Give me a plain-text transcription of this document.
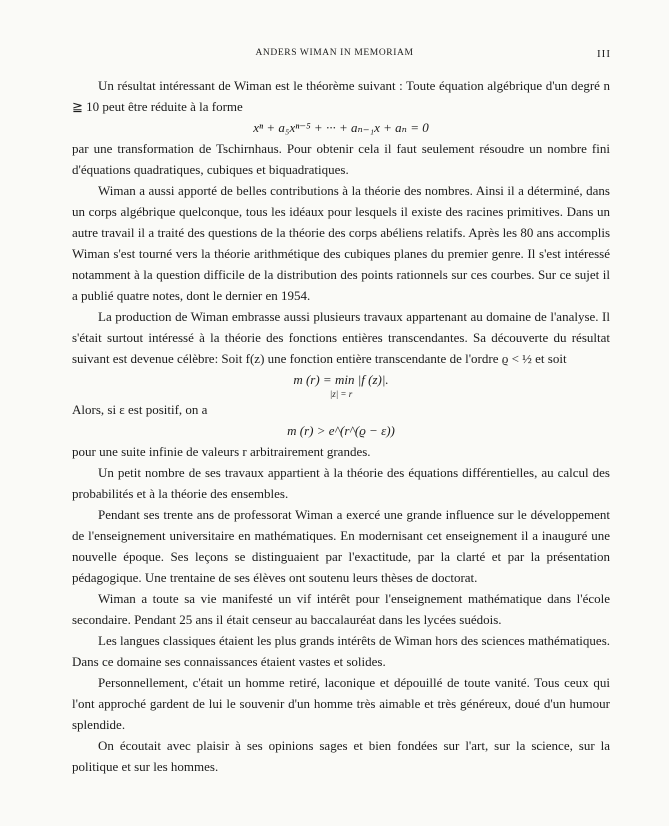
ANDERS WIMAN IN MEMORIAM	III

Un résultat intéressant de Wiman est le théorème suivant : Toute équation algébrique d'un degré n ≧ 10 peut être réduite à la forme

xⁿ + a₅xⁿ⁻⁵ + ··· + aₙ₋₁x + aₙ = 0

par une transformation de Tschirnhaus. Pour obtenir cela il faut seulement résoudre un nombre fini d'équations quadratiques, cubiques et biquadratiques.

Wiman a aussi apporté de belles contributions à la théorie des nombres. Ainsi il a déterminé, dans un corps algébrique quelconque, tous les idéaux pour lesquels il existe des racines primitives. Dans un autre travail il a traité des questions de la théorie des corps abéliens relatifs. Après les 80 ans accomplis Wiman s'est tourné vers la théorie arithmétique des cubiques planes du premier genre. Il s'est intéressé notamment à la question difficile de la distribution des points rationnels sur ces courbes. Sur ce sujet il a publié quatre notes, dont le dernier en 1954.

La production de Wiman embrasse aussi plusieurs travaux appartenant au domaine de l'analyse. Il s'était surtout intéressé à la théorie des fonctions entières transcendantes. Sa découverte du résultat suivant est devenue célèbre: Soit f(z) une fonction entière transcendante de l'ordre ϱ < ½ et soit

m (r) = min |f (z)|.
|z| = r
Alors, si ε est positif, on a

m (r) > e^(r^(ϱ − ε))

pour une suite infinie de valeurs r arbitrairement grandes.

Un petit nombre de ses travaux appartient à la théorie des équations différentielles, au calcul des probabilités et à la théorie des ensembles.

Pendant ses trente ans de professorat Wiman a exercé une grande influence sur le développement de l'enseignement universitaire en mathématiques. En modernisant cet enseignement il a inauguré une nouvelle époque. Ses leçons se distinguaient par l'exactitude, par la clarté et par la présentation pédagogique. Une trentaine de ses élèves ont soutenu leurs thèses de doctorat.

Wiman a toute sa vie manifesté un vif intérêt pour l'enseignement mathématique dans l'école secondaire. Pendant 25 ans il était censeur au baccalauréat dans les lycées suédois.

Les langues classiques étaient les plus grands intérêts de Wiman hors des sciences mathématiques. Dans ce domaine ses connaissances étaient vastes et solides.

Personnellement, c'était un homme retiré, laconique et dépouillé de toute vanité. Tous ceux qui l'ont approché gardent de lui le souvenir d'un homme très aimable et très généreux, doué d'un humour splendide.

On écoutait avec plaisir à ses opinions sages et bien fondées sur l'art, sur la science, sur la politique et sur les hommes.
